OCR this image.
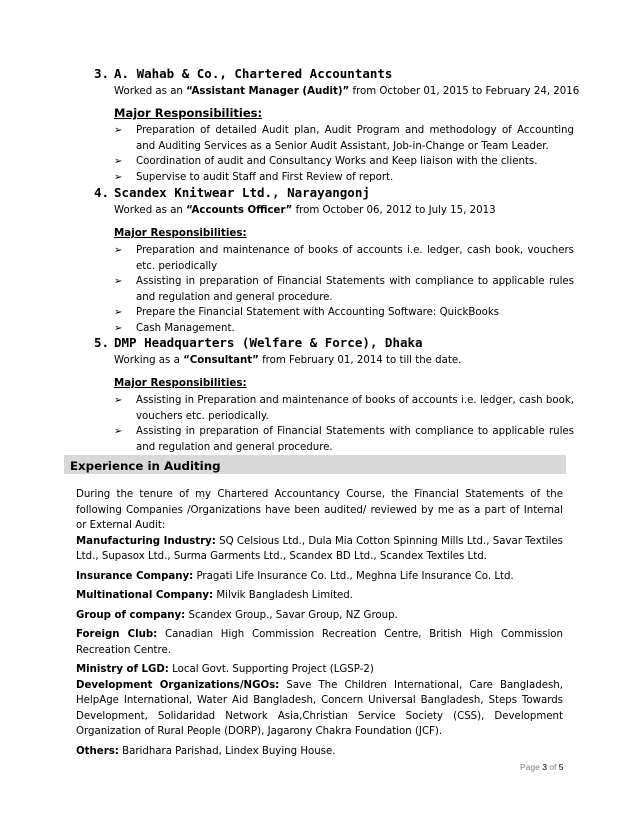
3. A. Wahab & Co., Chartered Accountants
Worked as an “Assistant Manager (Audit)” from October 01, 2015 to February 24, 2016
Major Responsibilities:
➢ Preparation of detailed Audit plan, Audit Program and methodology of Accounting and Auditing Services as a Senior Audit Assistant, Job-in-Change or Team Leader.
➢ Coordination of audit and Consultancy Works and Keep liaison with the clients.
➢ Supervise to audit Staff and First Review of report.
4. Scandex Knitwear Ltd., Narayangonj
Worked as an “Accounts Officer” from October 06, 2012 to July 15, 2013
Major Responsibilities:
➢ Preparation and maintenance of books of accounts i.e. ledger, cash book, vouchers etc. periodically
➢ Assisting in preparation of Financial Statements with compliance to applicable rules and regulation and general procedure.
➢ Prepare the Financial Statement with Accounting Software: QuickBooks
➢ Cash Management.
5. DMP Headquarters (Welfare & Force), Dhaka
Working as a “Consultant” from February 01, 2014 to till the date.
Major Responsibilities:
➢ Assisting in Preparation and maintenance of books of accounts i.e. ledger, cash book, vouchers etc. periodically.
➢ Assisting in preparation of Financial Statements with compliance to applicable rules and regulation and general procedure.
Experience in Auditing

During the tenure of my Chartered Accountancy Course, the Financial Statements of the following Companies /Organizations have been audited/ reviewed by me as a part of Internal or External Audit:

Manufacturing Industry: SQ Celsious Ltd., Dula Mia Cotton Spinning Mills Ltd., Savar Textiles Ltd., Supasox Ltd., Surma Garments Ltd., Scandex BD Ltd., Scandex Textiles Ltd.

Insurance Company: Pragati Life Insurance Co. Ltd., Meghna Life Insurance Co. Ltd.

Multinational Company: Milvik Bangladesh Limited.

Group of company: Scandex Group., Savar Group, NZ Group.

Foreign Club: Canadian High Commission Recreation Centre, British High Commission Recreation Centre.

Ministry of LGD: Local Govt. Supporting Project (LGSP-2)

Development Organizations/NGOs: Save The Children International, Care Bangladesh, HelpAge International, Water Aid Bangladesh, Concern Universal Bangladesh, Steps Towards Development, Solidaridad Network Asia,Christian Service Society (CSS), Development Organization of Rural People (DORP), Jagarony Chakra Foundation (JCF).

Others: Baridhara Parishad, Lindex Buying House.

Page 3 of 5
